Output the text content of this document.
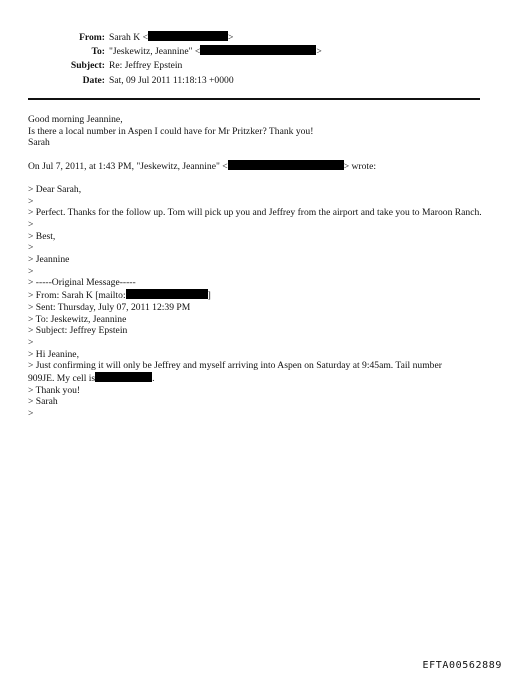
From: Sarah K <	>
To: "Jeskewitz, Jeannine" <	>
Subject: Re: Jeffrey Epstein
Date: Sat, 09 Jul 2011 11:18:13 +0000
Good morning Jeannine,
Is there a local number in Aspen I could have for Mr Pritzker? Thank you!
Sarah
On Jul 7, 2011, at 1:43 PM, "Jeskewitz, Jeannine" <	> wrote:
> Dear Sarah,
>
> Perfect. Thanks for the follow up. Tom will pick up you and Jeffrey from the airport and take you to Maroon Ranch.
>
> Best,
>
> Jeannine
>
> -----Original Message-----
> From: Sarah K [mailto:	]
> Sent: Thursday, July 07, 2011 12:39 PM
> To: Jeskewitz, Jeannine
> Subject: Jeffrey Epstein
>
> Hi Jeanine,
> Just confirming it will only be Jeffrey and myself arriving into Aspen on Saturday at 9:45am. Tail number
909JE. My cell is	.
> Thank you!
> Sarah
>
EFTA00562889
